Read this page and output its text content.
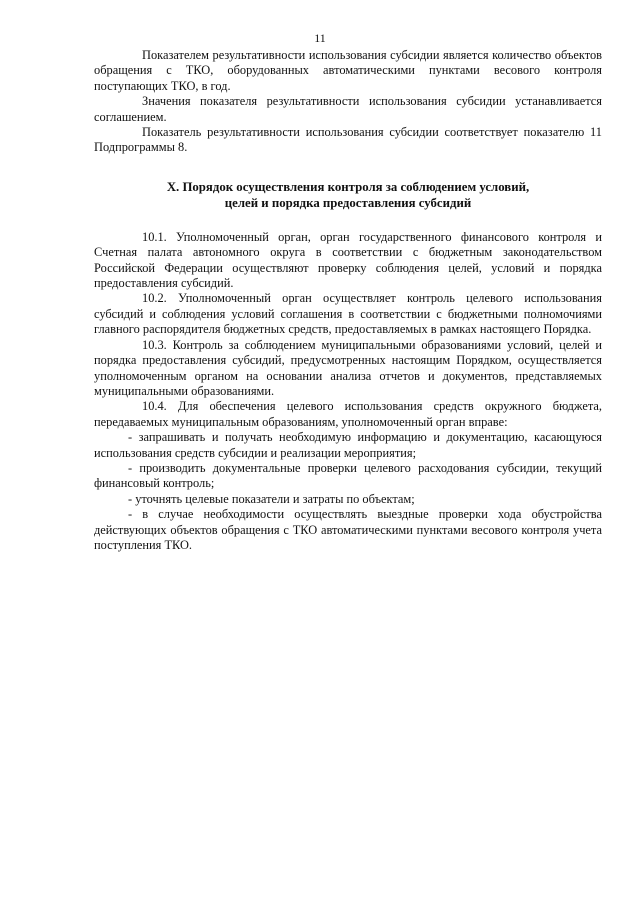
11

Показателем результативности использования субсидии является количество объектов обращения с ТКО, оборудованных автоматическими пунктами весового контроля поступающих ТКО, в год.

Значения показателя результативности использования субсидии устанавливается соглашением.

Показатель результативности использования субсидии соответствует показателю 11 Подпрограммы 8.

X. Порядок осуществления контроля за соблюдением условий,
целей и порядка предоставления субсидий

10.1. Уполномоченный орган, орган государственного финансового контроля и Счетная палата автономного округа в соответствии с бюджетным законодательством Российской Федерации осуществляют проверку соблюдения целей, условий и порядка предоставления субсидий.

10.2. Уполномоченный орган осуществляет контроль целевого использования субсидий и соблюдения условий соглашения в соответствии с бюджетными полномочиями главного распорядителя бюджетных средств, предоставляемых в рамках настоящего Порядка.

10.3. Контроль за соблюдением муниципальными образованиями условий, целей и порядка предоставления субсидий, предусмотренных настоящим Порядком, осуществляется уполномоченным органом на основании анализа отчетов и документов, представляемых муниципальными образованиями.

10.4. Для обеспечения целевого использования средств окружного бюджета, передаваемых муниципальным образованиям, уполномоченный орган вправе:

- запрашивать и получать необходимую информацию и документацию, касающуюся использования средств субсидии и реализации мероприятия;

- производить документальные проверки целевого расходования субсидии, текущий финансовый контроль;

- уточнять целевые показатели и затраты по объектам;

- в случае необходимости осуществлять выездные проверки хода обустройства действующих объектов обращения с ТКО автоматическими пунктами весового контроля учета поступления ТКО.
